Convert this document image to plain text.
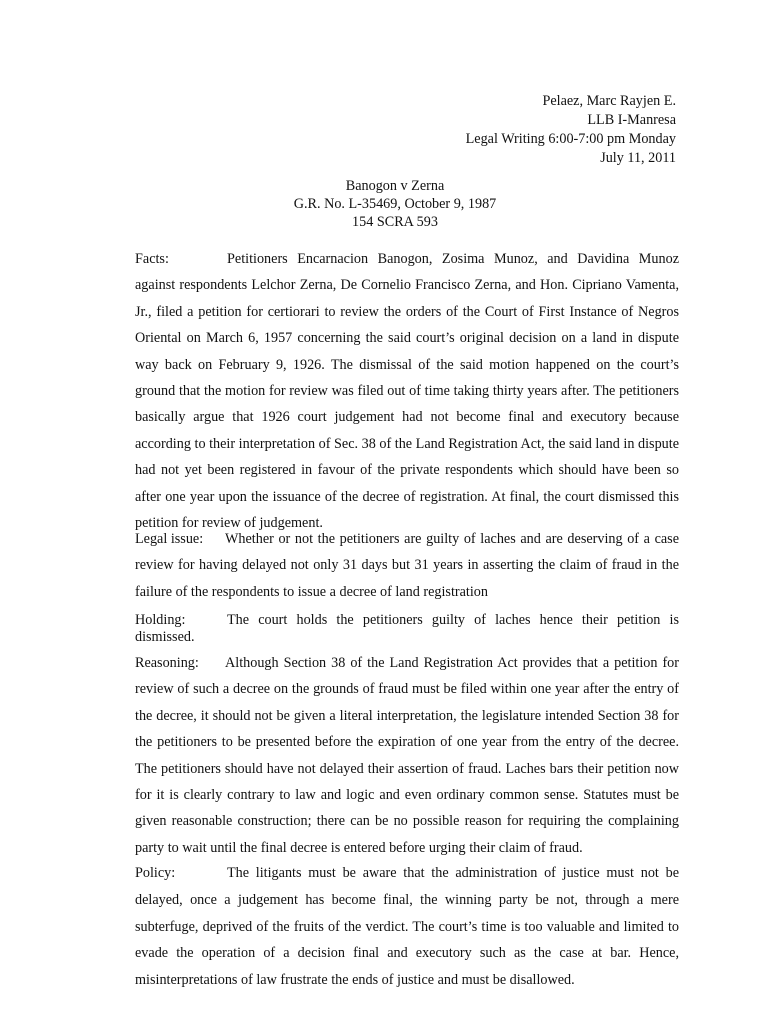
Pelaez, Marc Rayjen E.
LLB I-Manresa
Legal Writing 6:00-7:00 pm Monday
July 11, 2011
Banogon v Zerna
G.R. No. L-35469, October 9, 1987
154 SCRA 593

Facts:	Petitioners Encarnacion Banogon, Zosima Munoz, and Davidina Munoz against respondents Lelchor Zerna, De Cornelio Francisco Zerna, and Hon. Cipriano Vamenta, Jr., filed a petition for certiorari to review the orders of the Court of First Instance of Negros Oriental on March 6, 1957 concerning the said court’s original decision on a land in dispute way back on February 9, 1926. The dismissal of the said motion happened on the court’s ground that the motion for review was filed out of time taking thirty years after. The petitioners basically argue that 1926 court judgement had not become final and executory because according to their interpretation of Sec. 38 of the Land Registration Act, the said land in dispute had not yet been registered in favour of the private respondents which should have been so after one year upon the issuance of the decree of registration. At final, the court dismissed this petition for review of judgement.

Legal issue: Whether or not the petitioners are guilty of laches and are deserving of a case review for having delayed not only 31 days but 31 years in asserting the claim of fraud in the failure of the respondents to issue a decree of land registration

Holding:	The court holds the petitioners guilty of laches hence their petition is dismissed.

Reasoning: Although Section 38 of the Land Registration Act provides that a petition for review of such a decree on the grounds of fraud must be filed within one year after the entry of the decree, it should not be given a literal interpretation, the legislature intended Section 38 for the petitioners to be presented before the expiration of one year from the entry of the decree. The petitioners should have not delayed their assertion of fraud. Laches bars their petition now for it is clearly contrary to law and logic and even ordinary common sense. Statutes must be given reasonable construction; there can be no possible reason for requiring the complaining party to wait until the final decree is entered before urging their claim of fraud.

Policy:	The litigants must be aware that the administration of justice must not be delayed, once a judgement has become final, the winning party be not, through a mere subterfuge, deprived of the fruits of the verdict. The court’s time is too valuable and limited to evade the operation of a decision final and executory such as the case at bar. Hence, misinterpretations of law frustrate the ends of justice and must be disallowed.
